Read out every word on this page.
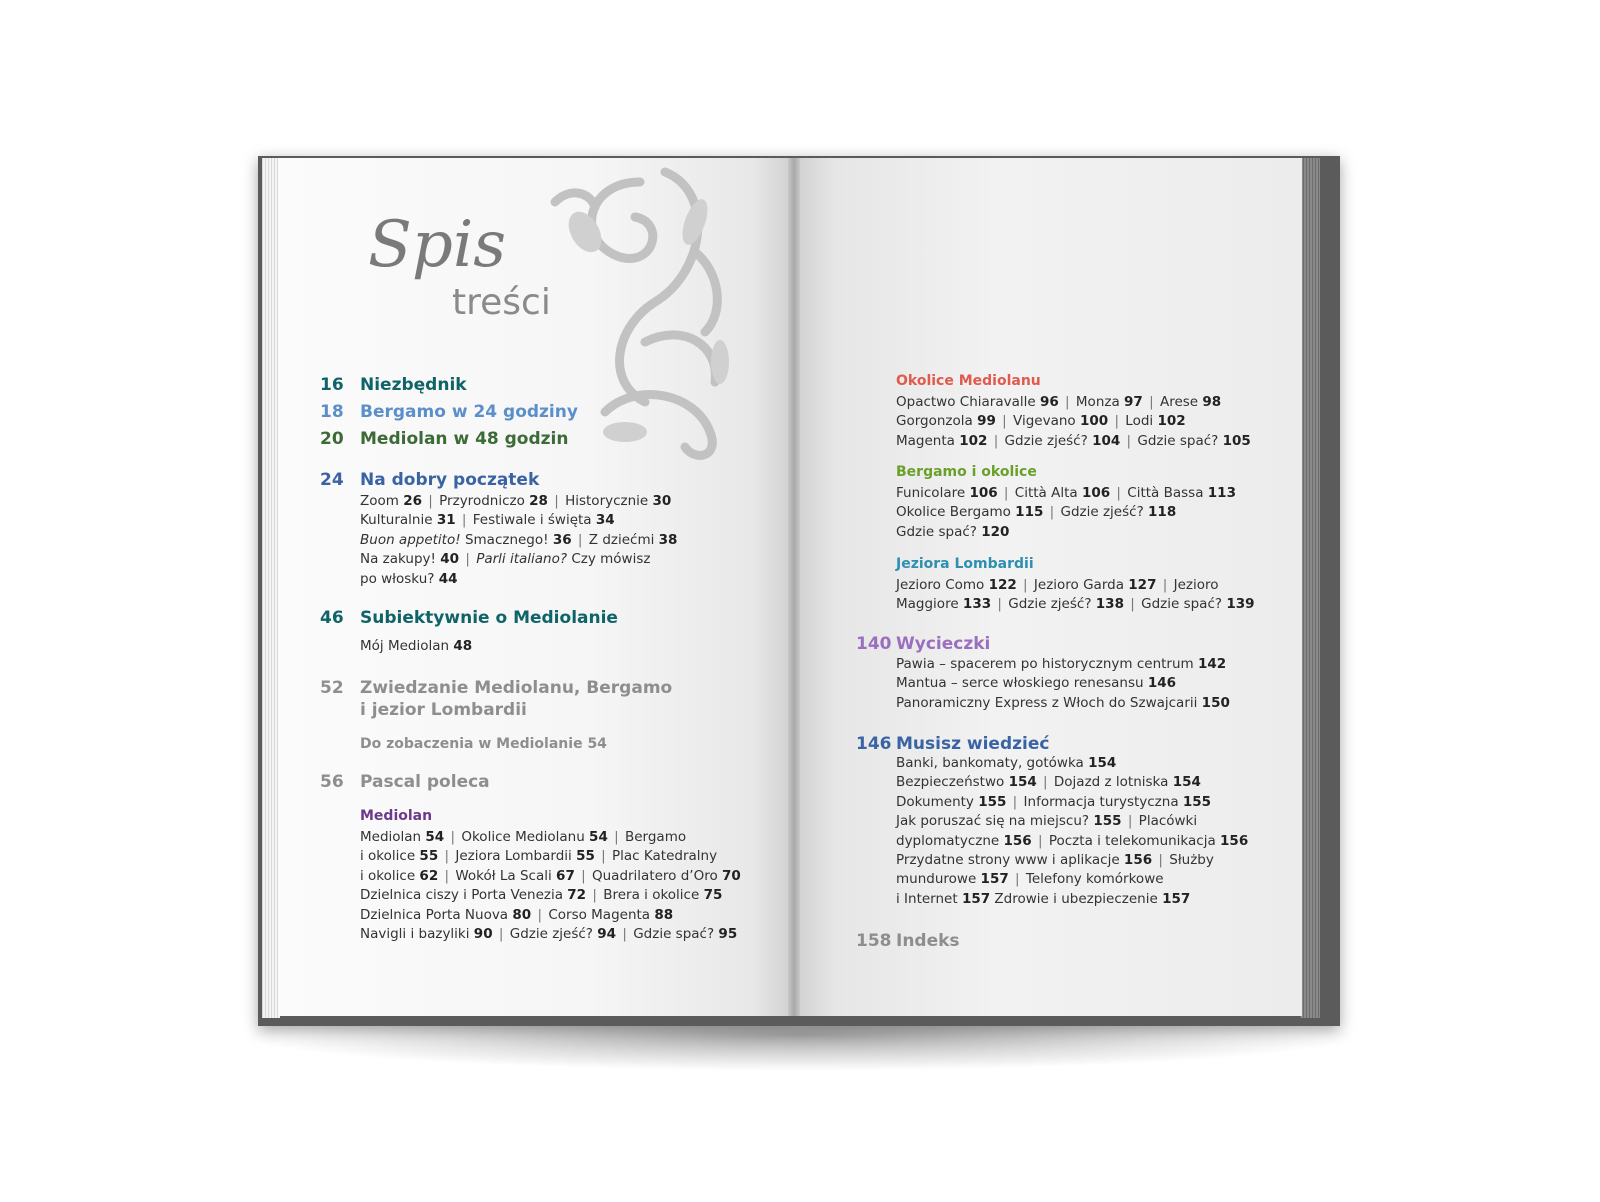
Spis
treści
16 Niezbędnik
18 Bergamo w 24 godziny
20 Mediolan w 48 godzin
24 Na dobry początek
Zoom 26 | Przyrodniczo 28 | Historycznie 30
Kulturalnie 31 | Festiwale i święta 34
Buon appetito! Smacznego! 36 | Z dziećmi 38
Na zakupy! 40 | Parli italiano? Czy mówisz
po włosku? 44
46 Subiektywnie o Mediolanie
Mój Mediolan 48
52 Zwiedzanie Mediolanu, Bergamo
i jezior Lombardii
Do zobaczenia w Mediolanie 54
56 Pascal poleca
Mediolan
Mediolan 54 | Okolice Mediolanu 54 | Bergamo
i okolice 55 | Jeziora Lombardii 55 | Plac Katedralny
i okolice 62 | Wokół La Scali 67 | Quadrilatero d’Oro 70
Dzielnica ciszy i Porta Venezia 72 | Brera i okolice 75
Dzielnica Porta Nuova 80 | Corso Magenta 88
Navigli i bazyliki 90 | Gdzie zjeść? 94 | Gdzie spać? 95
Okolice Mediolanu
Opactwo Chiaravalle 96 | Monza 97 | Arese 98
Gorgonzola 99 | Vigevano 100 | Lodi 102
Magenta 102 | Gdzie zjeść? 104 | Gdzie spać? 105
Bergamo i okolice
Funicolare 106 | Città Alta 106 | Città Bassa 113
Okolice Bergamo 115 | Gdzie zjeść? 118
Gdzie spać? 120
Jeziora Lombardii
Jezioro Como 122 | Jezioro Garda 127 | Jezioro
Maggiore 133 | Gdzie zjeść? 138 | Gdzie spać? 139
140 Wycieczki
Pawia – spacerem po historycznym centrum 142
Mantua – serce włoskiego renesansu 146
Panoramiczny Express z Włoch do Szwajcarii 150
146 Musisz wiedzieć
Banki, bankomaty, gotówka 154
Bezpieczeństwo 154 | Dojazd z lotniska 154
Dokumenty 155 | Informacja turystyczna 155
Jak poruszać się na miejscu? 155 | Placówki
dyplomatyczne 156 | Poczta i telekomunikacja 156
Przydatne strony www i aplikacje 156 | Służby
mundurowe 157 | Telefony komórkowe
i Internet 157 Zdrowie i ubezpieczenie 157
158 Indeks
